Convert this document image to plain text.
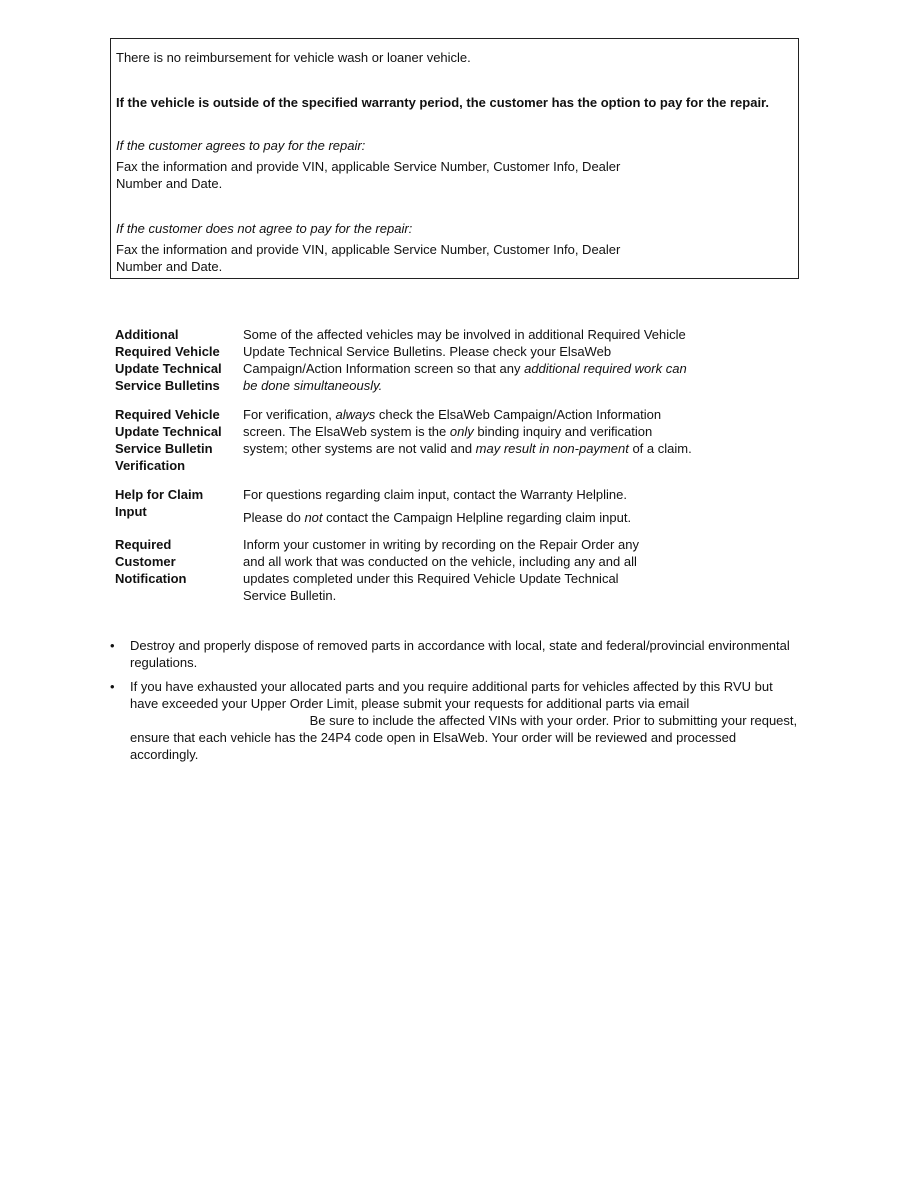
There is no reimbursement for vehicle wash or loaner vehicle.

If the vehicle is outside of the specified warranty period, the customer has the option to pay for the repair.

If the customer agrees to pay for the repair:

Fax the information and provide VIN, applicable Service Number, Customer Info, Dealer Number and Date.

If the customer does not agree to pay for the repair:

Fax the information and provide VIN, applicable Service Number, Customer Info, Dealer Number and Date.

Additional
Required Vehicle
Update Technical
Service Bulletins

Some of the affected vehicles may be involved in additional Required Vehicle Update Technical Service Bulletins. Please check your ElsaWeb Campaign/Action Information screen so that any additional required work can be done simultaneously.

Required Vehicle
Update Technical
Service Bulletin
Verification

For verification, always check the ElsaWeb Campaign/Action Information screen. The ElsaWeb system is the only binding inquiry and verification system; other systems are not valid and may result in non-payment of a claim.

Help for Claim
Input

For questions regarding claim input, contact the Warranty Helpline.

Please do not contact the Campaign Helpline regarding claim input.

Required
Customer
Notification

Inform your customer in writing by recording on the Repair Order any and all work that was conducted on the vehicle, including any and all updates completed under this Required Vehicle Update Technical Service Bulletin.

• Destroy and properly dispose of removed parts in accordance with local, state and federal/provincial environmental regulations.
• If you have exhausted your allocated parts and you require additional parts for vehicles affected by this RVU but have exceeded your Upper Order Limit, please submit your requests for additional parts via email  Be sure to include the affected VINs with your order. Prior to submitting your request, ensure that each vehicle has the 24P4 code open in ElsaWeb. Your order will be reviewed and processed accordingly.
